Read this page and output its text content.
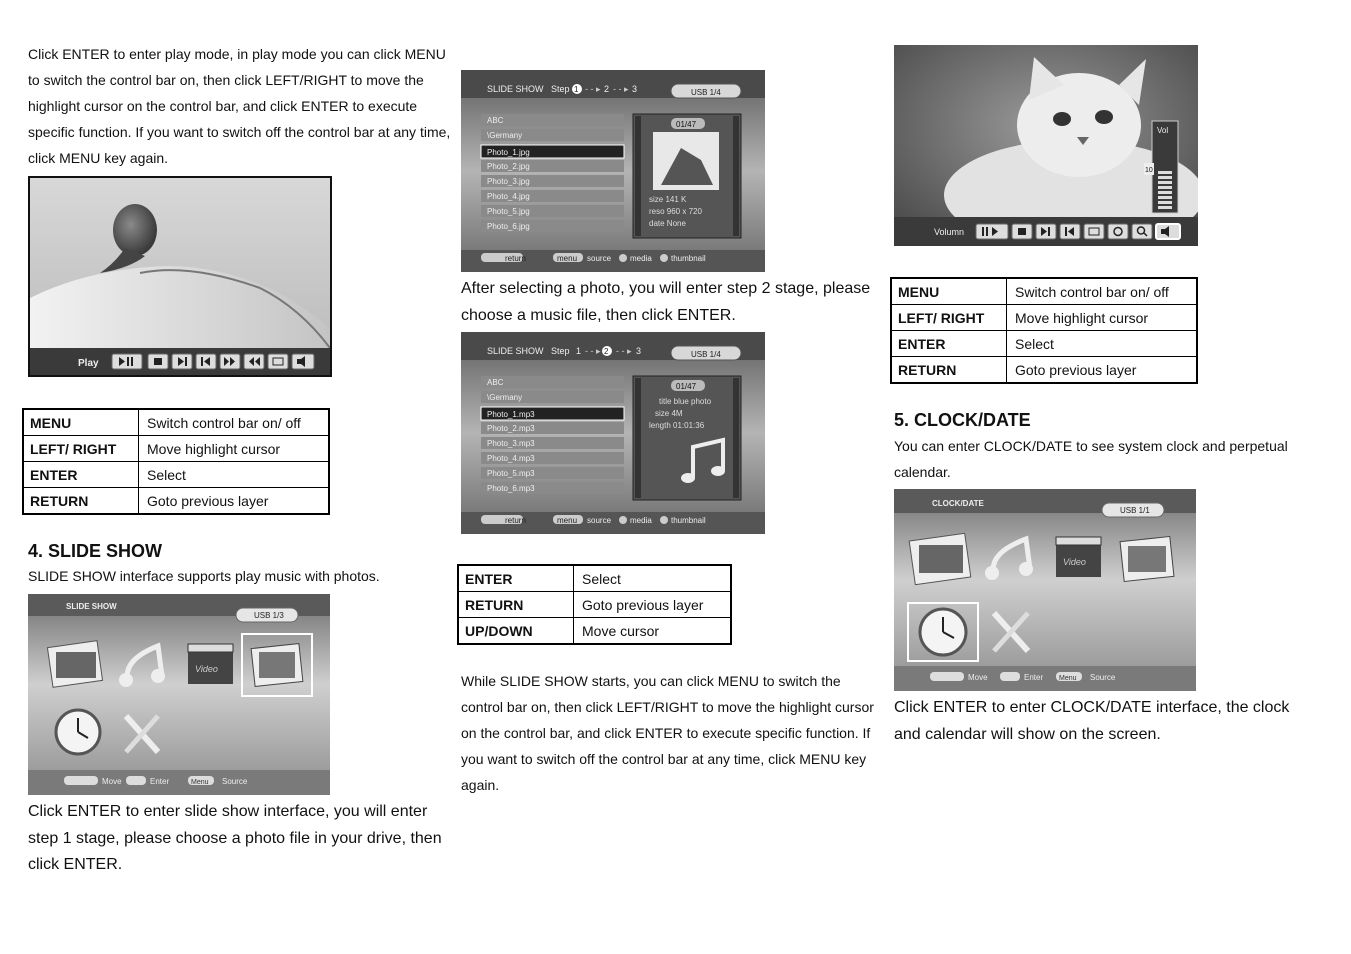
Click ENTER to enter play mode, in play mode you can click MENU to switch the control bar on, then click LEFT/RIGHT to move the highlight cursor on the control bar, and click ENTER to execute specific function. If you want to switch off the control bar at any time, click MENU key again.

Play
MENU	Switch control bar on/ off
LEFT/ RIGHT	Move highlight cursor
ENTER	Select
RETURN	Goto previous layer
4. SLIDE SHOW

SLIDE SHOW interface supports play music with photos.

SLIDE SHOW
USB 1/3
Video
Move	Enter	Menu Source

Click ENTER to enter slide show interface, you will enter step 1 stage, please choose a photo file in your drive, then click ENTER.

SLIDE SHOW Step 1 - - ▸ 2 - - ▸ 3	USB 1/4
ABC
\Germany
Photo_1.jpg
Photo_2.jpg
Photo_3.jpg
Photo_4.jpg
Photo_5.jpg
Photo_6.jpg
01/47
size 141 K
reso 960 x 720
date None
return	menu source media thumbnail

After selecting a photo, you will enter step 2 stage, please choose a music file, then click ENTER.

SLIDE SHOW Step 1 - - ▸ 2 - - ▸ 3	USB 1/4
ABC
\Germany
Photo_1.mp3
Photo_2.mp3
Photo_3.mp3
Photo_4.mp3
Photo_5.mp3
Photo_6.mp3
01/47
title blue photo
size 4M
length 01:01:36
return	menu source media thumbnail
ENTER	Select
RETURN	Goto previous layer
UP/DOWN	Move cursor

While SLIDE SHOW starts, you can click MENU to switch the control bar on, then click LEFT/RIGHT to move the highlight cursor on the control bar, and click ENTER to execute specific function. If you want to switch off the control bar at any time, click MENU key again.

Vol
10
Volumn
MENU	Switch control bar on/ off
LEFT/ RIGHT	Move highlight cursor
ENTER	Select
RETURN	Goto previous layer
5. CLOCK/DATE

You can enter CLOCK/DATE to see system clock and perpetual calendar.

CLOCK/DATE
USB 1/1
Video
Move	Enter Menu Source

Click ENTER to enter CLOCK/DATE interface, the clock and calendar will show on the screen.
